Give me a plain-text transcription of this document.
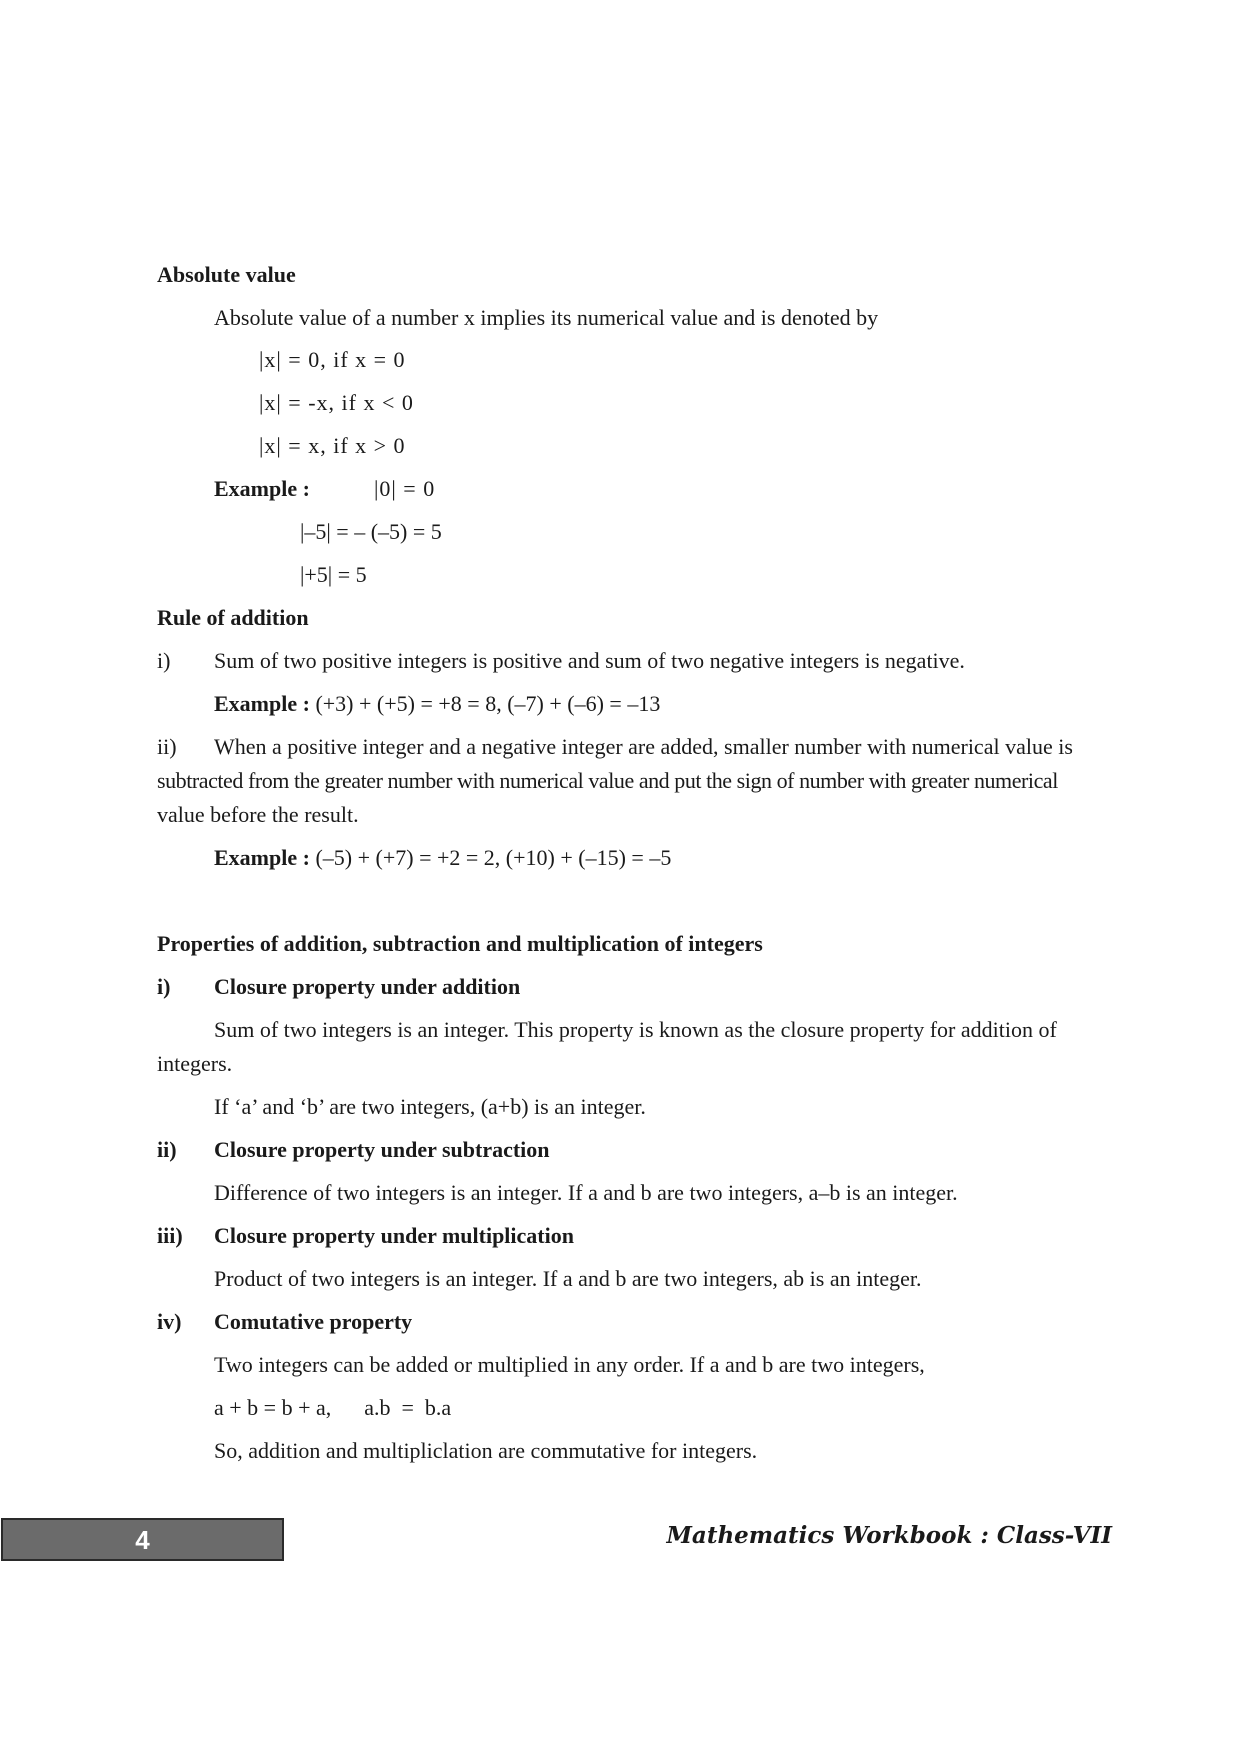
Absolute value
Absolute value of a number x implies its numerical value and is denoted by
|x| = 0, if x = 0
|x| = -x, if x < 0
|x| = x, if x > 0
Example :	|0| = 0
|–5| = – (–5) = 5
|+5| = 5
Rule of addition
i) Sum of two positive integers is positive and sum of two negative integers is negative.
Example : (+3) + (+5) = +8 = 8, (–7) + (–6) = –13
ii) When a positive integer and a negative integer are added, smaller number with numerical value is
subtracted from the greater number with numerical value and put the sign of number with greater numerical
value before the result.
Example : (–5) + (+7) = +2 = 2, (+10) + (–15) = –5
Properties of addition, subtraction and multiplication of integers
i) Closure property under addition
Sum of two integers is an integer. This property is known as the closure property for addition of
integers.
If ‘a’ and ‘b’ are two integers, (a+b) is an integer.
ii) Closure property under subtraction
Difference of two integers is an integer. If a and b are two integers, a–b is an integer.
iii) Closure property under multiplication
Product of two integers is an integer. If a and b are two integers, ab is an integer.
iv) Comutative property
Two integers can be added or multiplied in any order. If a and b are two integers,
a + b = b + a,      a.b  =  b.a
So, addition and multipliclation are commutative for integers.
4	Mathematics Workbook : Class-VII
